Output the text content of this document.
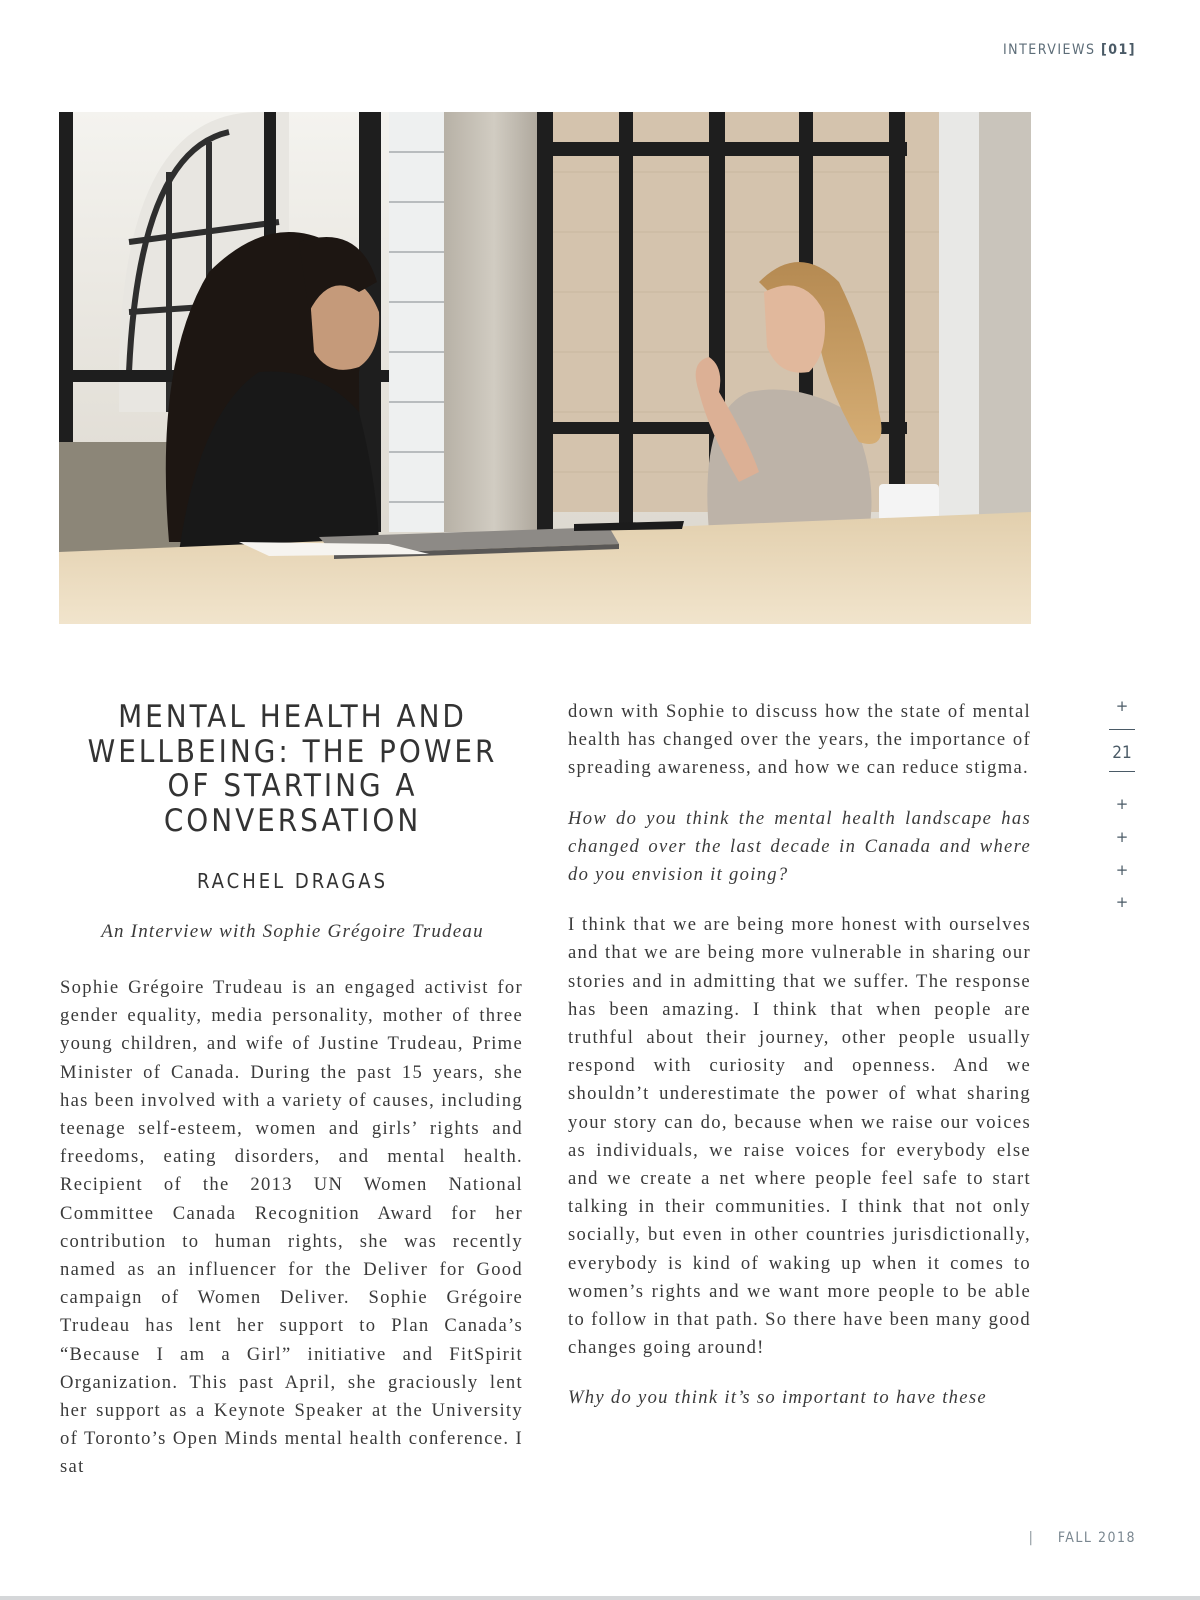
INTERVIEWS [01]
MENTAL HEALTH AND WELLBEING: THE POWER OF STARTING A CONVERSATION
RACHEL DRAGAS
An Interview with Sophie Grégoire Trudeau

Sophie Grégoire Trudeau is an engaged activist for gender equality, media personality, mother of three young children, and wife of Justine Trudeau, Prime Minister of Canada. During the past 15 years, she has been involved with a variety of causes, including teenage self-esteem, women and girls’ rights and freedoms, eating disorders, and mental health. Recipient of the 2013 UN Women National Committee Canada Recognition Award for her contribution to human rights, she was recently named as an influencer for the Deliver for Good campaign of Women Deliver. Sophie Grégoire Trudeau has lent her support to Plan Canada’s “Because I am a Girl” initiative and FitSpirit Organization. This past April, she graciously lent her support as a Keynote Speaker at the University of Toronto’s Open Minds mental health conference. I sat

down with Sophie to discuss how the state of mental health has changed over the years, the importance of spreading awareness, and how we can reduce stigma.

How do you think the mental health landscape has changed over the last decade in Canada and where do you envision it going?

I think that we are being more honest with ourselves and that we are being more vulnerable in sharing our stories and in admitting that we suffer. The response has been amazing. I think that when people are truthful about their journey, other people usually respond with curiosity and openness. And we shouldn’t underestimate the power of what sharing your story can do, because when we raise our voices as individuals, we raise voices for everybody else and we create a net where people feel safe to start talking in their communities. I think that not only socially, but even in other countries jurisdictionally, everybody is kind of waking up when it comes to women’s rights and we want more people to be able to follow in that path. So there have been many good changes going around!

Why do you think it’s so important to have these

+
21
+
+
+
+
| FALL 2018
